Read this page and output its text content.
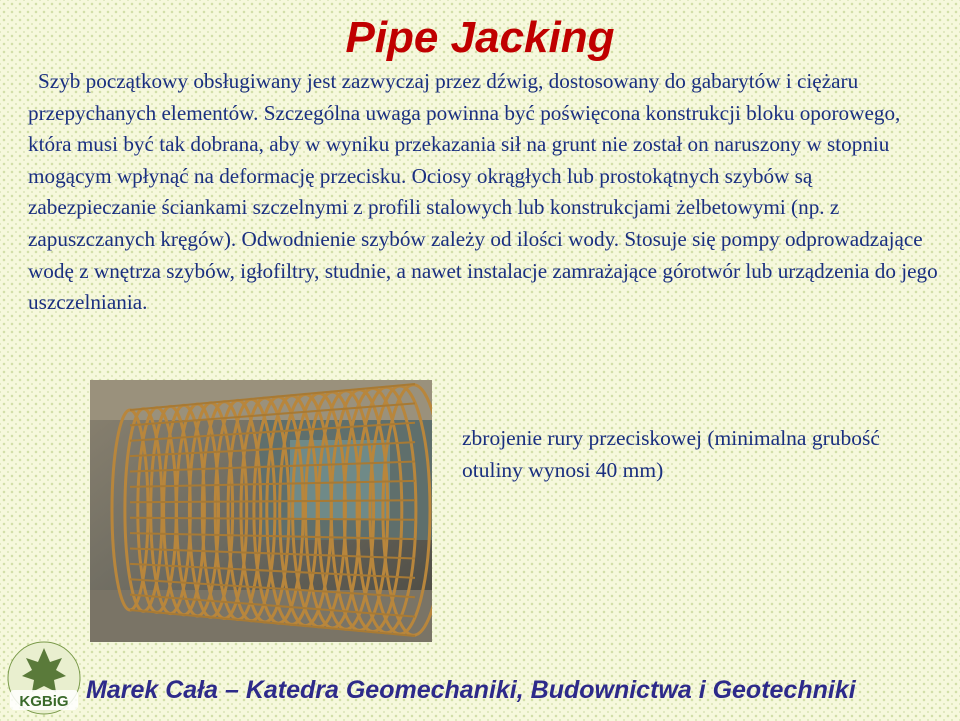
Pipe Jacking

Szyb początkowy obsługiwany jest zazwyczaj przez dźwig, dostosowany do gabarytów i ciężaru przepychanych elementów. Szczególna uwaga powinna być poświęcona konstrukcji bloku oporowego, która musi być tak dobrana, aby w wyniku przekazania sił na grunt nie został on naruszony w stopniu mogącym wpłynąć na deformację przecisku. Ociosy okrągłych lub prostokątnych szybów są zabezpieczanie ściankami szczelnymi z profili stalowych lub konstrukcjami żelbetowymi (np. z zapuszczanych kręgów). Odwodnienie szybów zależy od ilości wody. Stosuje się pompy odprowadzające wodę z wnętrza szybów, igłofiltry, studnie, a nawet instalacje zamrażające górotwór lub urządzenia do jego uszczelniania.

zbrojenie rury przeciskowej (minimalna grubość otuliny wynosi 40 mm)

KGBiG Marek Cała – Katedra Geomechaniki, Budownictwa i Geotechniki
